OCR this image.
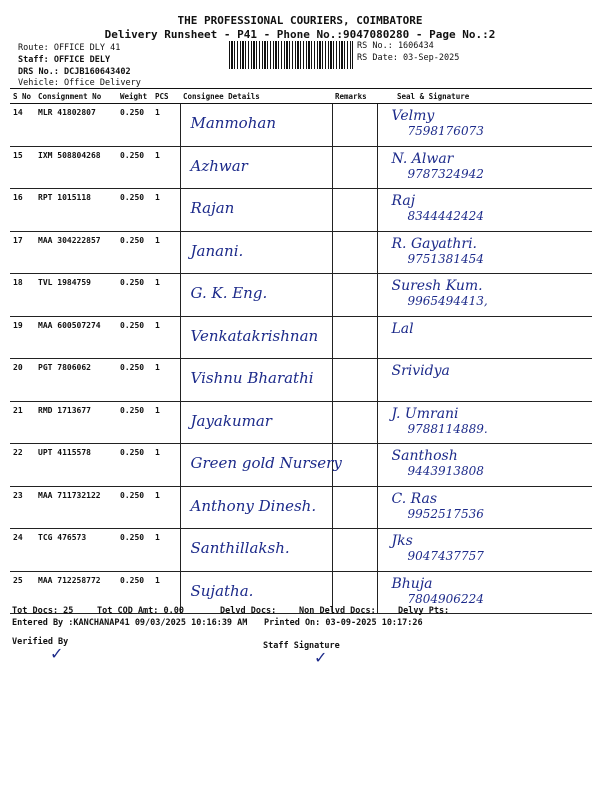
THE PROFESSIONAL COURIERS, COIMBATORE
Delivery Runsheet - P41 - Phone No.:9047080280 - Page No.:2
Route: OFFICE DLY 41
Staff: OFFICE DELY
DRS No.: DCJB160643402
Vehicle: Office Delivery
RS No.: 1606434
RS Date: 03-Sep-2025
S No	Consignment No	Weight	PCS	Consignee Details	Remarks	Seal & Signature
14	MLR 41802807	0.250	1	Manmohan		Velmy
7598176073

15	IXM 508804268	0.250	1	Azhwar		N. Alwar
9787324942

16	RPT 1015118	0.250	1	Rajan		Raj
8344442424

17	MAA 304222857	0.250	1	Janani.		R. Gayathri.
9751381454

18	TVL 1984759	0.250	1	G. K. Eng.		Suresh Kum.
9965494413,

19	MAA 600507274	0.250	1	Venkatakrishnan		Lal

20	PGT 7806062	0.250	1	Vishnu Bharathi		Srividya

21	RMD 1713677	0.250	1	Jayakumar		J. Umrani
9788114889.

22	UPT 4115578	0.250	1	Green gold Nursery		Santhosh
9443913808

23	MAA 711732122	0.250	1	Anthony Dinesh.		C. Ras
9952517536

24	TCG 476573	0.250	1	Santhillaksh.		Jks
9047437757

25	MAA 712258772	0.250	1	Sujatha.		Bhuja
7804906224
Tot Docs: 25	Tot COD Amt: 0.00	Delvd Docs:	Non Delvd Docs:	Delvy Pts:
Entered By :KANCHANAP41 09/03/2025 10:16:39 AM Printed On: 03-09-2025 10:17:26
Verified By	Staff Signature
✓	✓
